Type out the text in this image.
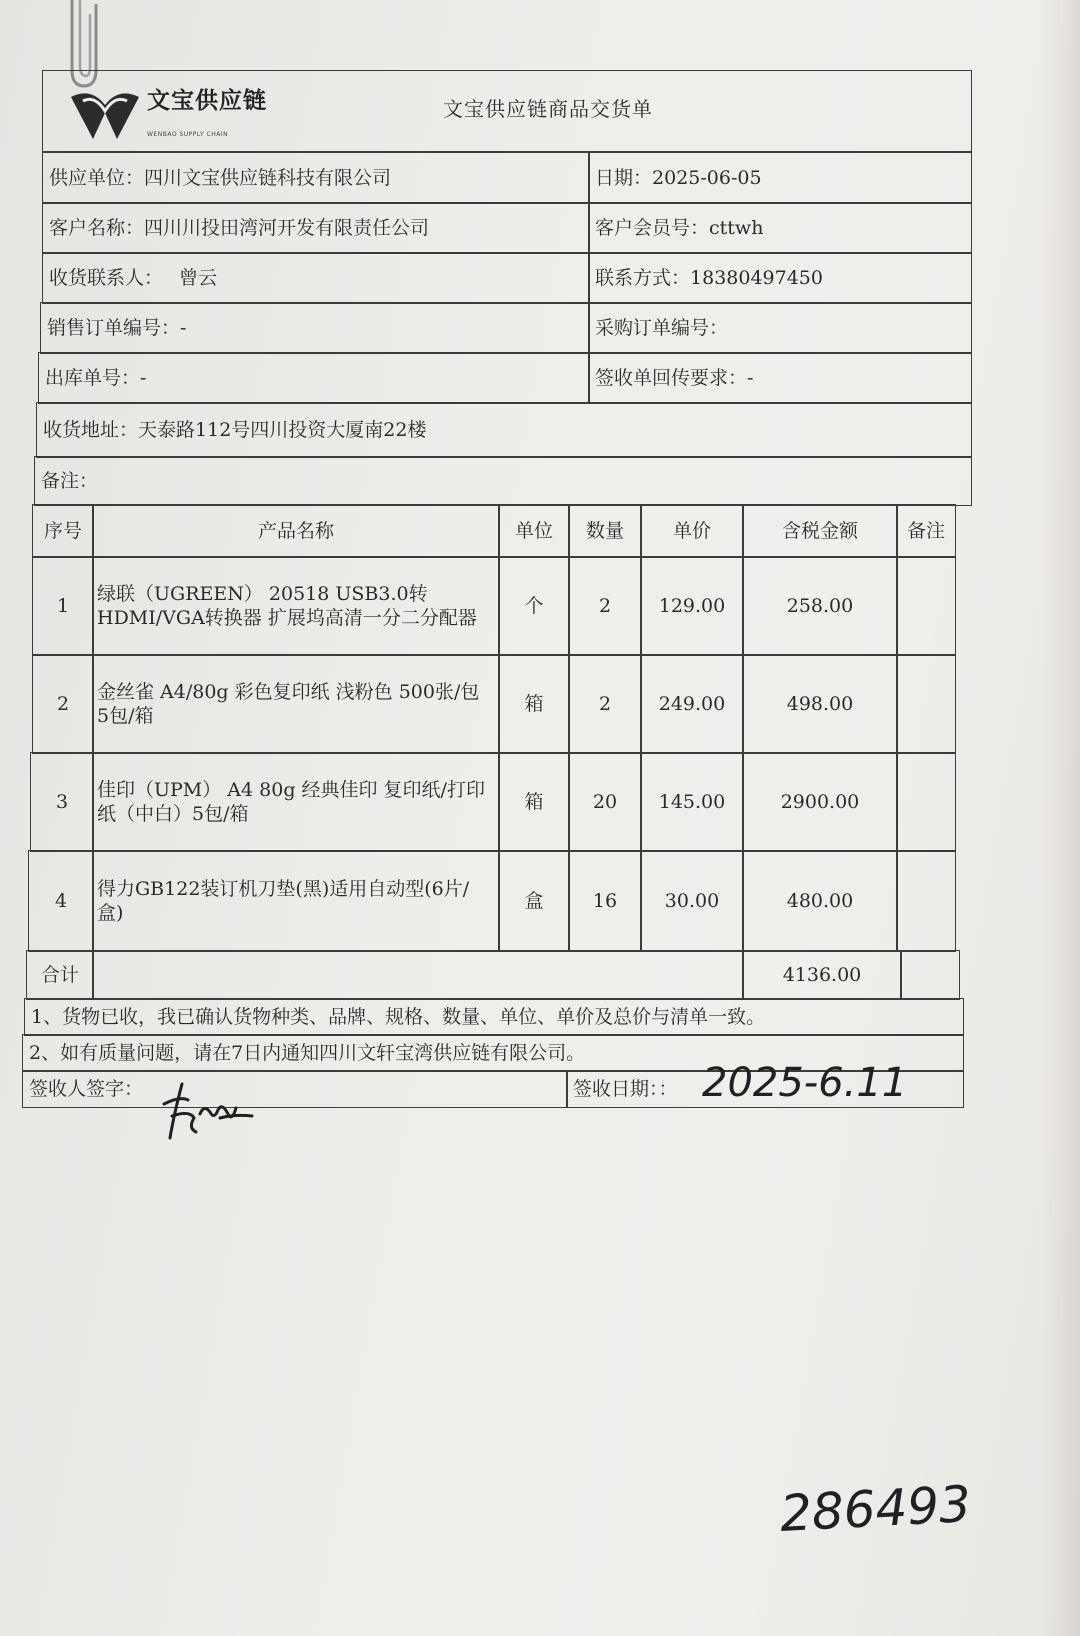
文宝供应链
WENBAO SUPPLY CHAIN
文宝供应链商品交货单
供应单位： 四川文宝供应链科技有限公司	日期： 2025-06-05
客户名称： 四川川投田湾河开发有限责任公司	客户会员号： cttwh
收货联系人： 曾云	联系方式： 18380497450
销售订单编号： -	采购订单编号：
出库单号： -	签收单回传要求： -
收货地址： 天泰路112号四川投资大厦南22楼
备注：
序号	产品名称	单位	数量	单价	含税金额	备注
1
绿联（UGREEN） 20518 USB3.0转HDMI/VGA转换器 扩展坞高清一分二分配器
个	2	129.00	258.00
2
金丝雀 A4/80g 彩色复印纸 浅粉色 500张/包 5包/箱
箱	2	249.00	498.00
3
佳印（UPM） A4 80g 经典佳印 复印纸/打印纸（中白）5包/箱
箱	20	145.00	2900.00
4
得力GB122装订机刀垫(黑)适用自动型(6片/盒)
盒	16	30.00	480.00
合计	4136.00
1、货物已收，我已确认货物种类、品牌、规格、数量、单位、单价及总价与清单一致。
2、如有质量问题，请在7日内通知四川文轩宝湾供应链有限公司。
签收人签字：	签收日期：： 2025-6.11
286493
